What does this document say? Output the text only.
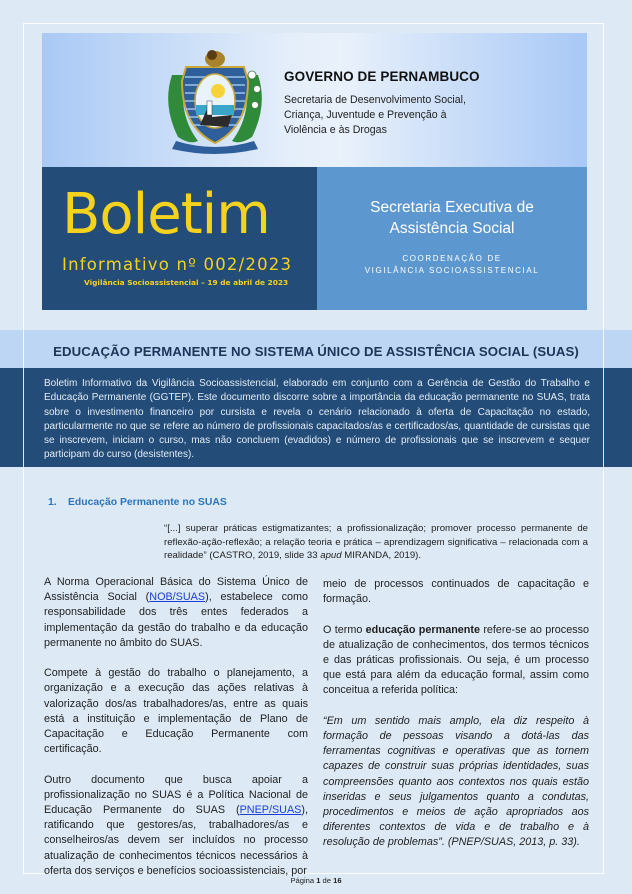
GOVERNO DE PERNAMBUCO
Secretaria de Desenvolvimento Social,
Criança, Juventude e Prevenção à
Violência e às Drogas
Boletim
Informativo nº 002/2023
Vigilância Socioassistencial – 19 de abril de 2023
Secretaria Executiva de
Assistência Social
COORDENAÇÃO DE
VIGILÂNCIA SOCIOASSISTENCIAL
EDUCAÇÃO PERMANENTE NO SISTEMA ÚNICO DE ASSISTÊNCIA SOCIAL (SUAS)
Boletim Informativo da Vigilância Socioassistencial, elaborado em conjunto com a Gerência de Gestão do Trabalho e Educação Permanente (GGTEP). Este documento discorre sobre a importância da educação permanente no SUAS, trata sobre o investimento financeiro por cursista e revela o cenário relacionado à oferta de Capacitação no estado, particularmente no que se refere ao número de profissionais capacitados/as e certificados/as, quantidade de cursistas que se inscrevem, iniciam o curso, mas não concluem (evadidos) e número de profissionais que se inscrevem e sequer participam do curso (desistentes).
1. Educação Permanente no SUAS
“[...] superar práticas estigmatizantes; a profissionalização; promover processo permanente de reflexão-ação-reflexão; a relação teoria e prática – aprendizagem significativa – relacionada com a realidade” (CASTRO, 2019, slide 33 apud MIRANDA, 2019).

A Norma Operacional Básica do Sistema Único de Assistência Social (NOB/SUAS), estabelece como responsabilidade dos três entes federados a implementação da gestão do trabalho e da educação permanente no âmbito do SUAS.

Compete à gestão do trabalho o planejamento, a organização e a execução das ações relativas à valorização dos/as trabalhadores/as, entre as quais está a instituição e implementação de Plano de Capacitação e Educação Permanente com certificação.

Outro documento que busca apoiar a profissionalização no SUAS é a Política Nacional de Educação Permanente do SUAS (PNEP/SUAS), ratificando que gestores/as, trabalhadores/as e conselheiros/as devem ser incluídos no processo atualização de conhecimentos técnicos necessários à oferta dos serviços e benefícios socioassistenciais, por

meio de processos continuados de capacitação e formação.

O termo educação permanente refere-se ao processo de atualização de conhecimentos, dos termos técnicos e das práticas profissionais. Ou seja, é um processo que está para além da educação formal, assim como conceitua a referida política:

“Em um sentido mais amplo, ela diz respeito à formação de pessoas visando a dotá-las das ferramentas cognitivas e operativas que as tornem capazes de construir suas próprias identidades, suas compreensões quanto aos contextos nos quais estão inseridas e seus julgamentos quanto a condutas, procedimentos e meios de ação apropriados aos diferentes contextos de vida e de trabalho e à resolução de problemas”. (PNEP/SUAS, 2013, p. 33).

Página 1 de 16
